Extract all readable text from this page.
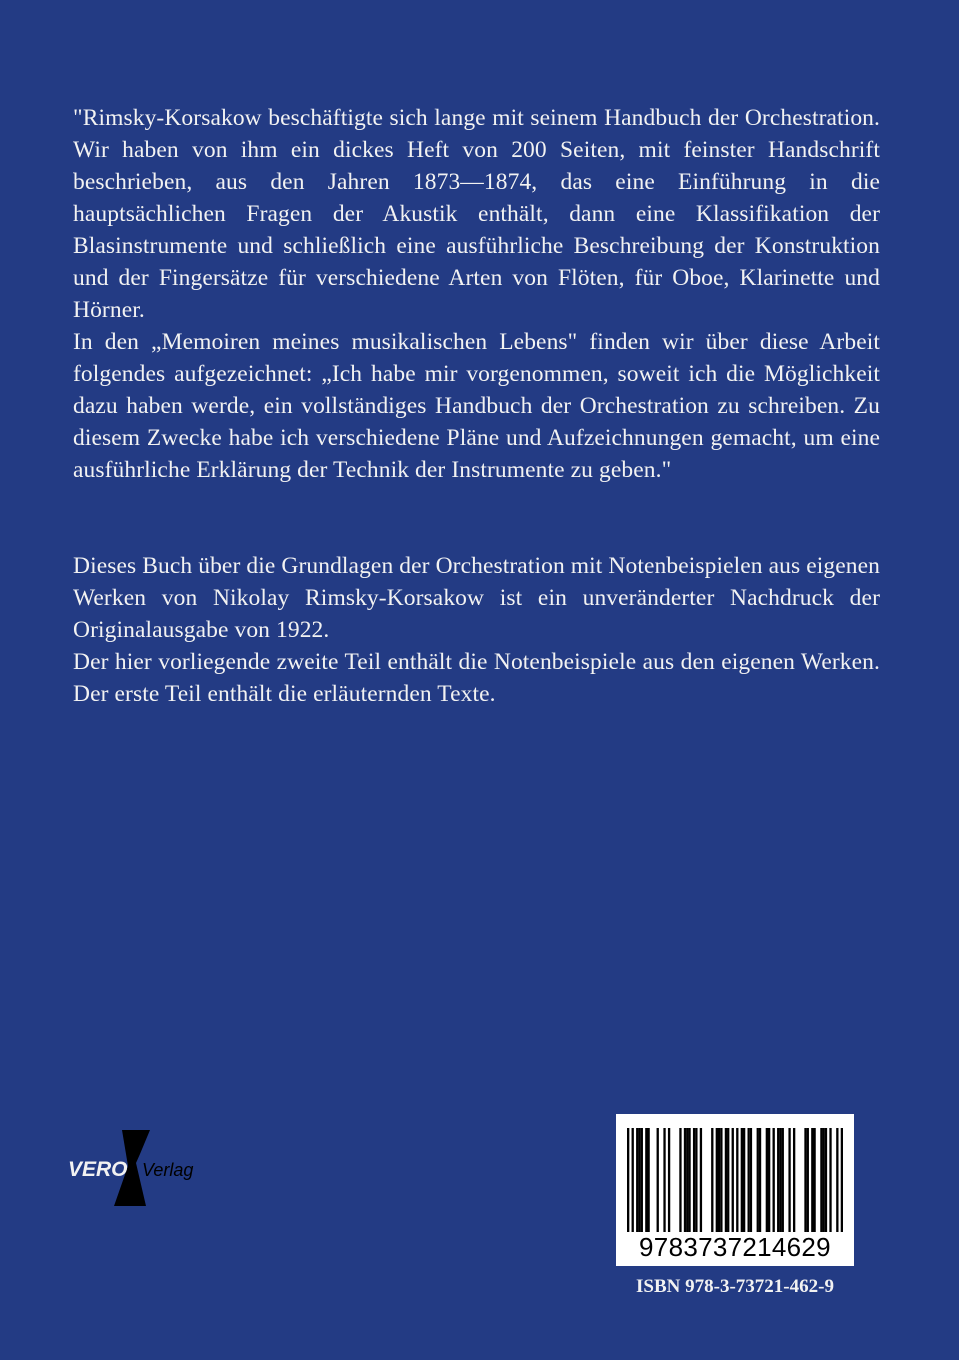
"Rimsky-Korsakow beschäftigte sich lange mit seinem Handbuch der Orchestration. Wir haben von ihm ein dickes Heft von 200 Seiten, mit feinster Handschrift beschrieben, aus den Jahren 1873—1874, das eine Einführung in die hauptsächlichen Fragen der Akustik enthält, dann eine Klassifikation der Blasinstrumente und schließlich eine ausführliche Beschreibung der Konstruktion und der Fingersätze für verschiedene Arten von Flöten, für Oboe, Klarinette und Hörner.

In den „Memoiren meines musikalischen Lebens" finden wir über diese Arbeit folgendes aufgezeichnet: „Ich habe mir vorgenommen, soweit ich die Möglichkeit dazu haben werde, ein vollständiges Handbuch der Orchestration zu schreiben. Zu diesem Zwecke habe ich verschiedene Pläne und Aufzeichnungen gemacht, um eine ausführliche Erklärung der Technik der Instrumente zu geben."

Dieses Buch über die Grundlagen der Orchestration mit Notenbeispielen aus eigenen Werken von Nikolay Rimsky-Korsakow ist ein unveränderter Nachdruck der Originalausgabe von 1922.

Der hier vorliegende zweite Teil enthält die Notenbeispiele aus den eigenen Werken. Der erste Teil enthält die erläuternden Texte.

VERO Verlag
9783737214629
ISBN 978-3-73721-462-9
